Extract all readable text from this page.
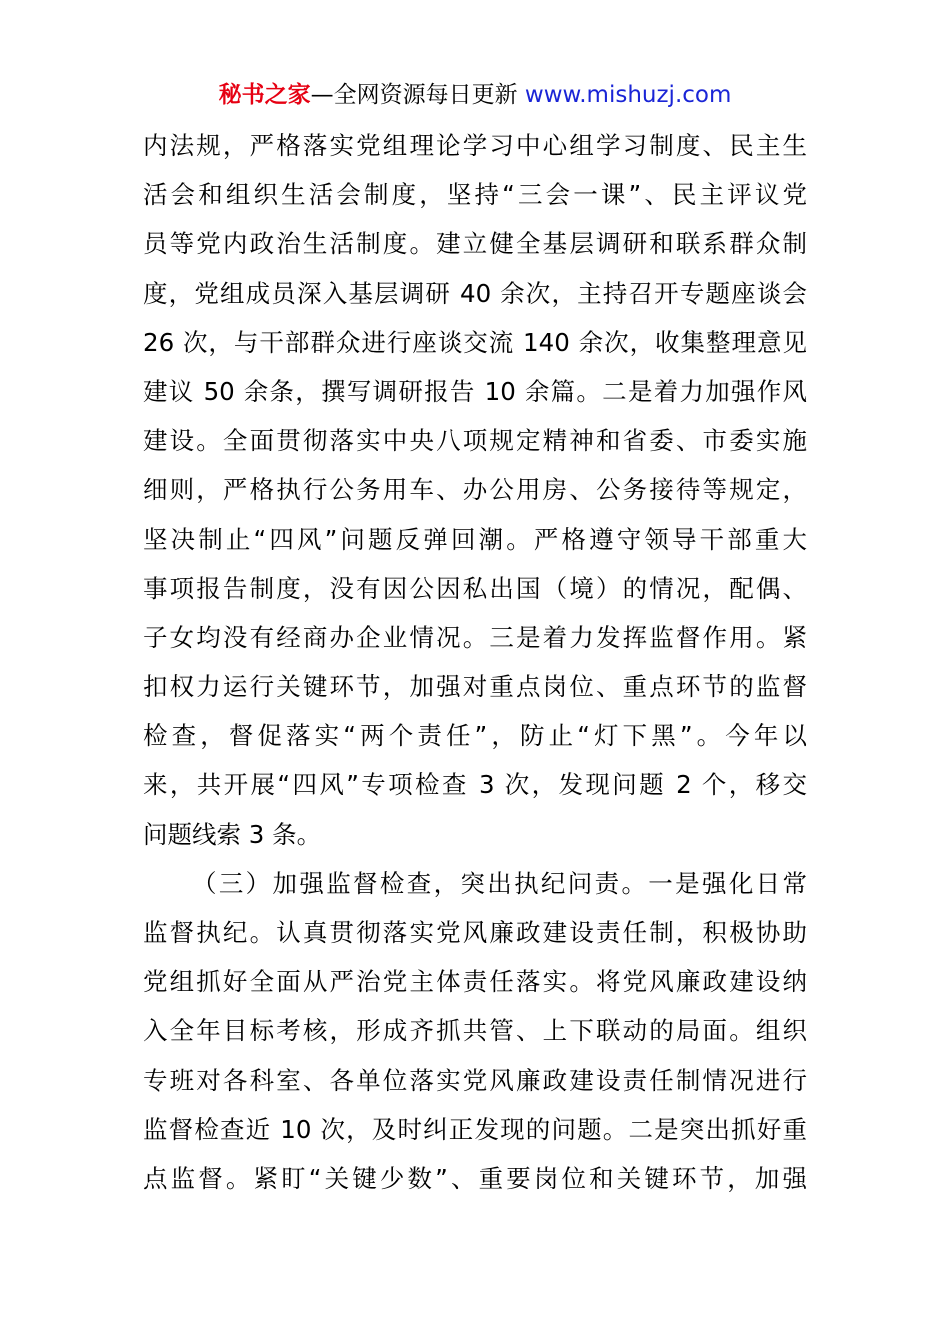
秘书之家—全网资源每日更新 www.mishuzj.com
内法规，严格落实党组理论学习中心组学习制度、民主生
活会和组织生活会制度，坚持“三会一课”、民主评议党
员等党内政治生活制度。建立健全基层调研和联系群众制
度，党组成员深入基层调研 40 余次，主持召开专题座谈会
26 次，与干部群众进行座谈交流 140 余次，收集整理意见
建议 50 余条，撰写调研报告 10 余篇。二是着力加强作风
建设。全面贯彻落实中央八项规定精神和省委、市委实施
细则，严格执行公务用车、办公用房、公务接待等规定，
坚决制止“四风”问题反弹回潮。严格遵守领导干部重大
事项报告制度，没有因公因私出国（境）的情况，配偶、
子女均没有经商办企业情况。三是着力发挥监督作用。紧
扣权力运行关键环节，加强对重点岗位、重点环节的监督
检查，督促落实“两个责任”，防止“灯下黑”。今年以
来，共开展“四风”专项检查 3 次，发现问题 2 个，移交
问题线索 3 条。
（三）加强监督检查，突出执纪问责。一是强化日常
监督执纪。认真贯彻落实党风廉政建设责任制，积极协助
党组抓好全面从严治党主体责任落实。将党风廉政建设纳
入全年目标考核，形成齐抓共管、上下联动的局面。组织
专班对各科室、各单位落实党风廉政建设责任制情况进行
监督检查近 10 次，及时纠正发现的问题。二是突出抓好重
点监督。紧盯“关键少数”、重要岗位和关键环节，加强
